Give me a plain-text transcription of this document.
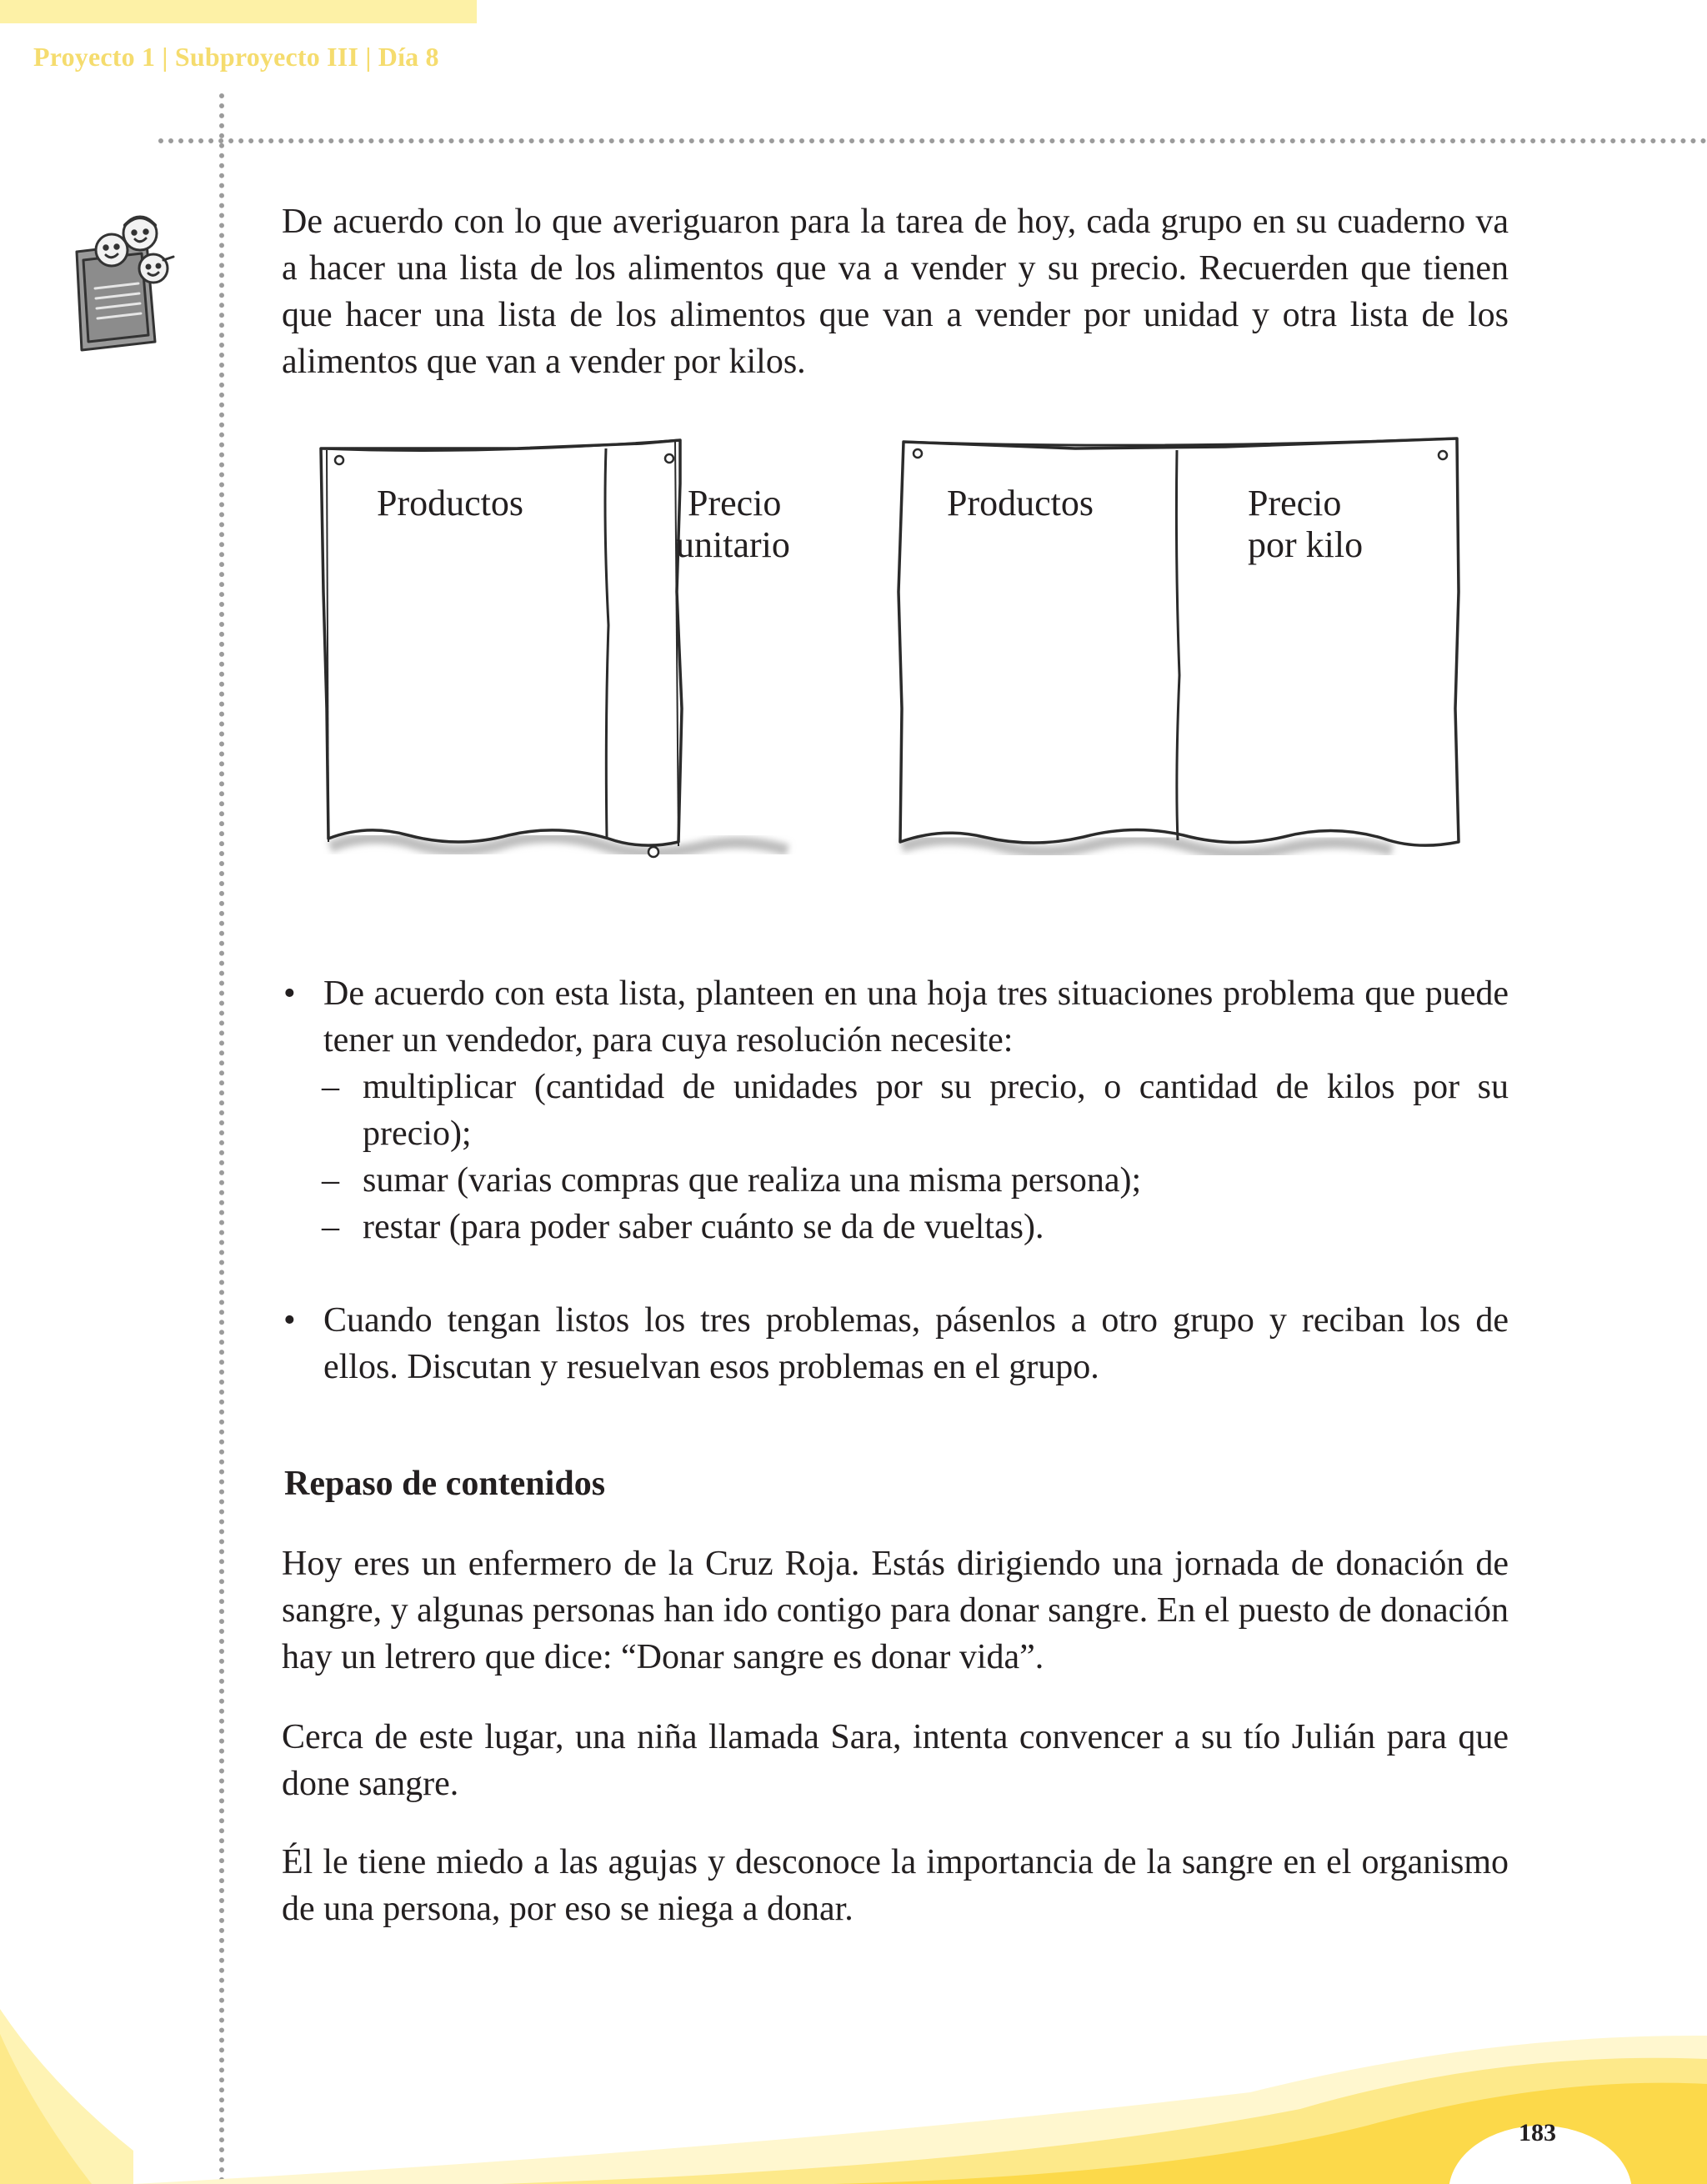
Proyecto 1 | Subproyecto III | Día 8

De acuerdo con lo que averiguaron para la tarea de hoy, cada grupo en su cuaderno va a hacer una lista de los alimentos que va a vender y su precio. Recuerden que tienen que hacer una lista de los alimentos que van a vender por unidad y otra lista de los alimentos que van a vender por kilos.

Productos	Precio
unitario
Productos	Precio
por kilo
• De acuerdo con esta lista, planteen en una hoja tres situaciones problema que puede tener un vendedor, para cuya resolución necesite:
– multiplicar (cantidad de unidades por su precio, o cantidad de kilos por su precio);
– sumar (varias compras que realiza una misma persona);
– restar (para poder saber cuánto se da de vueltas).
• Cuando tengan listos los tres problemas, pásenlos a otro grupo y reciban los de ellos. Discutan y resuelvan esos problemas en el grupo.
Repaso de contenidos

Hoy eres un enfermero de la Cruz Roja. Estás dirigiendo una jornada de donación de sangre, y algunas personas han ido contigo para donar sangre. En el puesto de donación hay un letrero que dice: “Donar sangre es donar vida”.

Cerca de este lugar, una niña llamada Sara, intenta convencer a su tío Julián para que done sangre.

Él le tiene miedo a las agujas y desconoce la importancia de la sangre en el organismo de una persona, por eso se niega a donar.

183
